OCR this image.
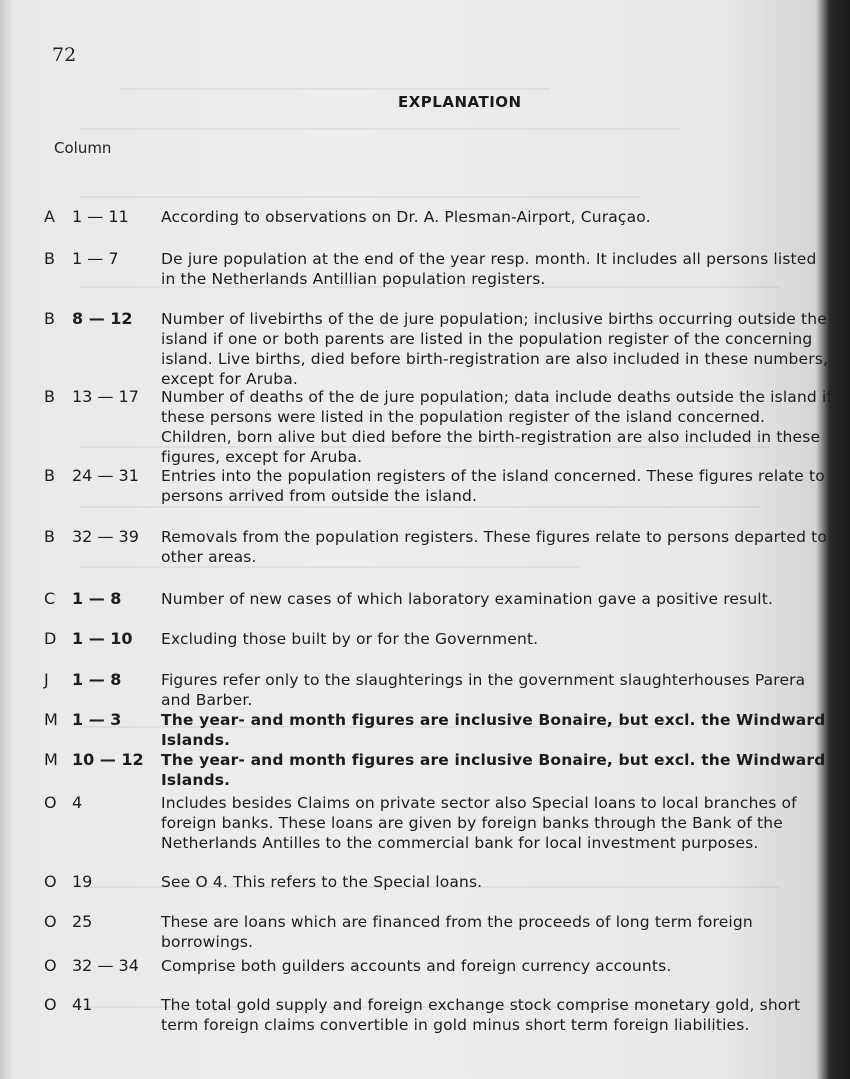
72
EXPLANATION
Column
A	1 — 11	According to observations on Dr. A. Plesman-Airport, Curaçao.
B	1 — 7	De jure population at the end of the year resp. month. It includes all persons listed in the Netherlands Antillian population registers.
B	8 — 12	Number of livebirths of the de jure population; inclusive births occurring outside the island if one or both parents are listed in the population register of the concerning island. Live births, died before birth-registration are also included in these numbers, except for Aruba.
B	13 — 17	Number of deaths of the de jure population; data include deaths outside the island if these persons were listed in the population register of the island concerned. Children, born alive but died before the birth-registration are also included in these figures, except for Aruba.
B	24 — 31	Entries into the population registers of the island concerned. These figures relate to persons arrived from outside the island.
B	32 — 39	Removals from the population registers. These figures relate to persons departed to other areas.
C	1 — 8	Number of new cases of which laboratory examination gave a positive result.
D 1 — 10	Excluding those built by or for the Government.
J	1 — 8	Figures refer only to the slaughterings in the government slaughterhouses Parera and Barber.
M 1 — 3	The year- and month figures are inclusive Bonaire, but excl. the Windward Islands.
M 10 — 12	The year- and month figures are inclusive Bonaire, but excl. the Windward Islands.
O 4	Includes besides Claims on private sector also Special loans to local branches of foreign banks. These loans are given by foreign banks through the Bank of the Netherlands Antilles to the commercial bank for local investment purposes.
O 19	See O 4. This refers to the Special loans.
O 25	These are loans which are financed from the proceeds of long term foreign borrowings.
O 32 — 34	Comprise both guilders accounts and foreign currency accounts.
O 41	The total gold supply and foreign exchange stock comprise monetary gold, short term foreign claims convertible in gold minus short term foreign liabilities.
